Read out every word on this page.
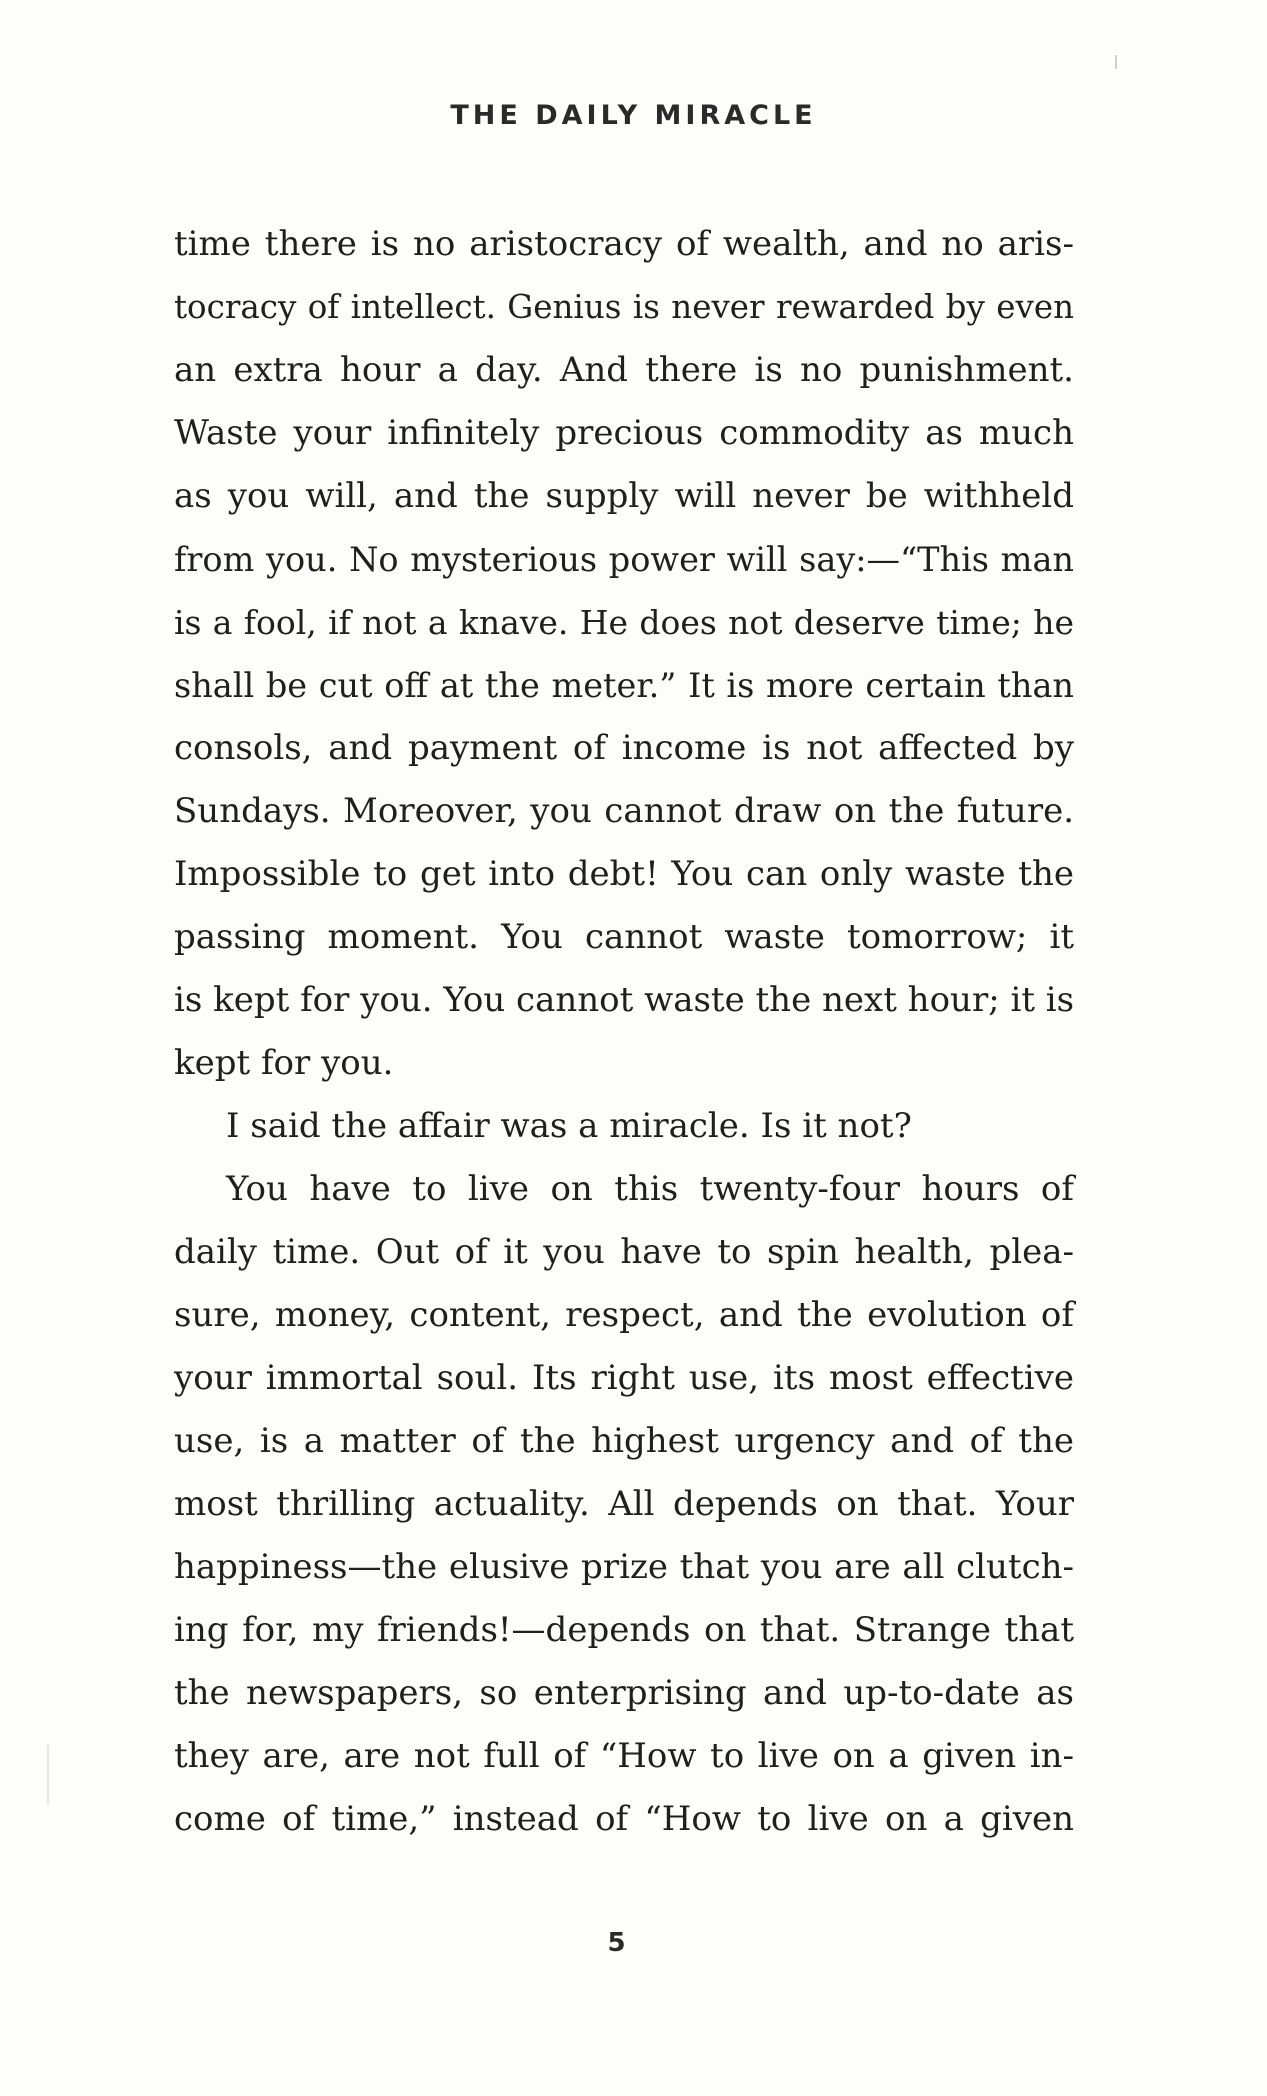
THE DAILY MIRACLE
time there is no aristocracy of wealth, and no aris-
tocracy of intellect. Genius is never rewarded by even
an extra hour a day. And there is no punishment.
Waste your infinitely precious commodity as much
as you will, and the supply will never be withheld
from you. No mysterious power will say:—“This man
is a fool, if not a knave. He does not deserve time; he
shall be cut off at the meter.” It is more certain than
consols, and payment of income is not affected by
Sundays. Moreover, you cannot draw on the future.
Impossible to get into debt! You can only waste the
passing moment. You cannot waste tomorrow; it
is kept for you. You cannot waste the next hour; it is
kept for you.
I said the affair was a miracle. Is it not?
You have to live on this twenty-four hours of
daily time. Out of it you have to spin health, plea-
sure, money, content, respect, and the evolution of
your immortal soul. Its right use, its most effective
use, is a matter of the highest urgency and of the
most thrilling actuality. All depends on that. Your
happiness—the elusive prize that you are all clutch-
ing for, my friends!—depends on that. Strange that
the newspapers, so enterprising and up-to-date as
they are, are not full of “How to live on a given in-
come of time,” instead of “How to live on a given
5
